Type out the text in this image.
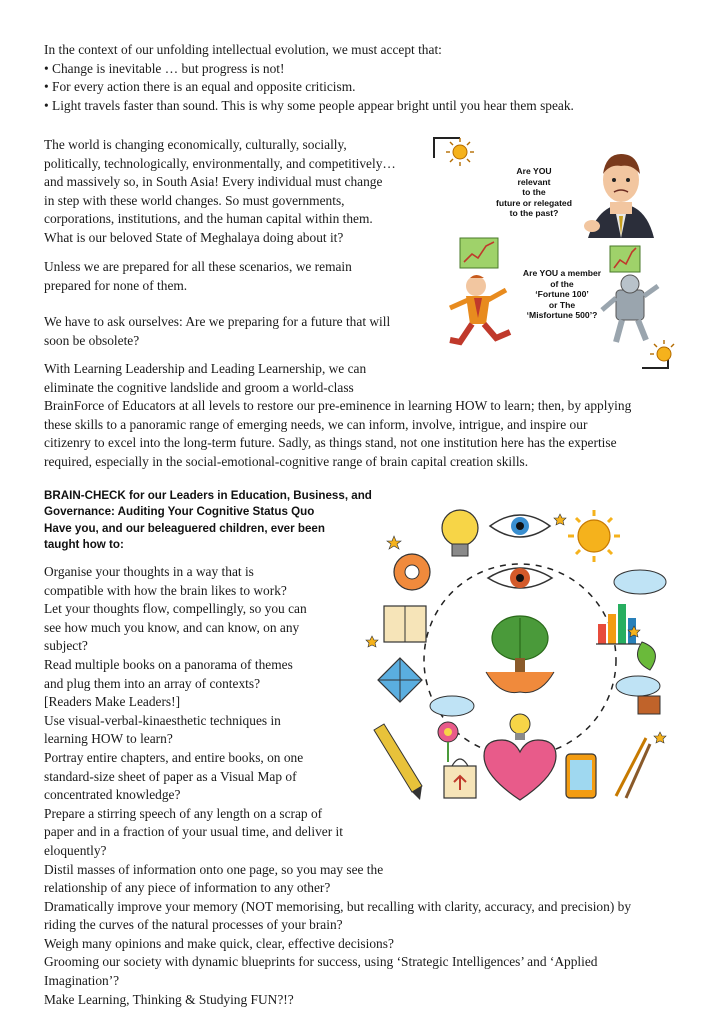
In the context of our unfolding intellectual evolution, we must accept that:
• Change is inevitable … but progress is not!
• For every action there is an equal and opposite criticism.
• Light travels faster than sound. This is why some people appear bright until you hear them speak.
The world is changing economically, culturally, socially,
politically, technologically, environmentally, and competitively…
and massively so, in South Asia! Every individual must change
in step with these world changes. So must governments,
corporations, institutions, and the human capital within them.
What is our beloved State of Meghalaya doing about it?
Unless we are prepared for all these scenarios, we remain
prepared for none of them.
We have to ask ourselves: Are we preparing for a future that will
soon be obsolete?
With Learning Leadership and Leading Learnership, we can
eliminate the cognitive landslide and groom a world-class
BrainForce of Educators at all levels to restore our pre-eminence in learning HOW to learn; then, by applying
these skills to a panoramic range of emerging needs, we can inform, involve, intrigue, and inspire our
citizenry to excel into the long-term future. Sadly, as things stand, not one institution here has the expertise
required, especially in the social-emotional-cognitive range of brain capital creation skills.
Are YOU
relevant
to the
future or relegated
to the past?
Are YOU a member
of the
‘Fortune 100’
or The
‘Misfortune 500’?
BRAIN-CHECK for our Leaders in Education, Business, and
Governance: Auditing Your Cognitive Status Quo
Have you, and our beleaguered children, ever been
taught how to:
Organise your thoughts in a way that is
compatible with how the brain likes to work?
Let your thoughts flow, compellingly, so you can
see how much you know, and can know, on any
subject?
Read multiple books on a panorama of themes
and plug them into an array of contexts?
[Readers Make Leaders!]
Use visual-verbal-kinaesthetic techniques in
learning HOW to learn?
Portray entire chapters, and entire books, on one
standard-size sheet of paper as a Visual Map of
concentrated knowledge?
Prepare a stirring speech of any length on a scrap of
paper and in a fraction of your usual time, and deliver it
eloquently?
Distil masses of information onto one page, so you may see the
relationship of any piece of information to any other?
Dramatically improve your memory (NOT memorising, but recalling with clarity, accuracy, and precision) by
riding the curves of the natural processes of your brain?
Weigh many opinions and make quick, clear, effective decisions?
Grooming our society with dynamic blueprints for success, using ‘Strategic Intelligences’ and ‘Applied
Imagination’?
Make Learning, Thinking & Studying FUN?!?
